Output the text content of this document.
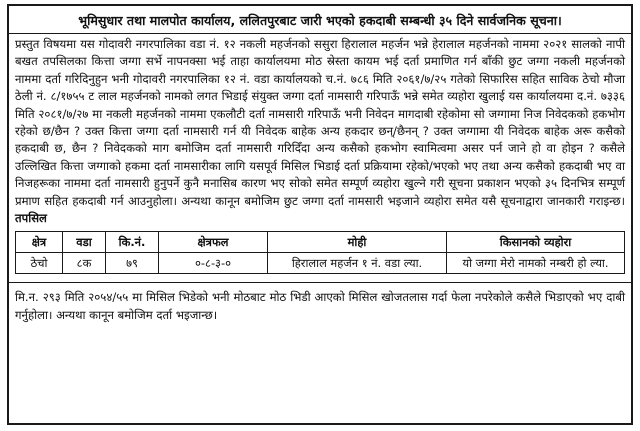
भूमिसुधार तथा मालपोत कार्यालय, ललितपुरबाट जारी भएको हकदाबी सम्बन्धी ३५ दिने सार्वजनिक सूचना।
प्रस्तुत विषयमा यस गोदावरी नगरपालिका वडा नं. १२ नकली महर्जनको ससुरा हिरालाल महर्जन भन्ने हेरालाल महर्जनको नाममा २०२१ सालको नापी बखत तपसिलका कित्ता जग्गा सर्भे नापनक्सा भई ताहा कार्यालयमा मोठ स्रेस्ता कायम भई दर्ता प्रमाणित गर्न बाँकी छुट जग्गा नकली महर्जनको नाममा दर्ता गरिदिनुहुन भनी गोदावरी नगरपालिका १२ नं. वडा कार्यालयको च.नं. ७८६ मिति २०६१/७/२५ गतेको सिफारिस सहित साविक ठेचो मौजा ठेली नं. ८/१७५५ ट लाल महर्जनको नामको लगत भिडाई संयुक्त जग्गा दर्ता नामसारी गरिपाऊँ भन्ने समेत व्यहोरा खुलाई यस कार्यालयमा द.नं. ७३३६ मिति २०८१/७/२७ मा नकली महर्जनको नाममा एकलौटी दर्ता नामसारी गरिपाऊँ भनी निवेदन मागदाबी रहेकोमा सो जग्गामा निज निवेदकको हकभोग रहेको छ/छैन ? उक्त कित्ता जग्गा दर्ता नामसारी गर्न यी निवेदक बाहेक अन्य हकदार छन्/छैनन् ? उक्त जग्गामा यी निवेदक बाहेक अरू कसैको हकदाबी छ, छैन ? निवेदकको माग बमोजिम दर्ता नामसारी गरिदिँदा अन्य कसैको हकभोग स्वामित्वमा असर पर्न जाने हो वा होइन ? कसैले उल्लिखित कित्ता जग्गाको हकमा दर्ता नामसारीका लागि यसपूर्व मिसिल भिडाई दर्ता प्रक्रियामा रहेको/भएको भए तथा अन्य कसैको हकदाबी भए वा निजहरूका नाममा दर्ता नामसारी हुनुपर्ने कुनै मनासिब कारण भए सोको समेत सम्पूर्ण व्यहोरा खुल्ने गरी सूचना प्रकाशन भएको ३५ दिनभित्र सम्पूर्ण प्रमाण सहित हकदाबी गर्न आउनुहोला। अन्यथा कानून बमोजिम छुट जग्गा दर्ता नामसारी भइजाने व्यहोरा समेत यसै सूचनाद्वारा जानकारी गराइन्छ। तपसिल
क्षेत्र	वडा	कि.नं.	क्षेत्रफल	मोही	किसानको व्यहोरा
ठेचो	८क	७९	०-८-३-०	हिरालाल महर्जन १ नं. वडा ल्या.	यो जग्गा मेरो नामको नम्बरी हो ल्या.
मि.न. २९३ मिति २०५४/५५ मा मिसिल भिडेको भनी मोठबाट मोठ भिडी आएको मिसिल खोजतलास गर्दा फेला नपरेकोले कसैले भिडाएको भए दाबी गर्नुहोला। अन्यथा कानून बमोजिम दर्ता भइजान्छ।
